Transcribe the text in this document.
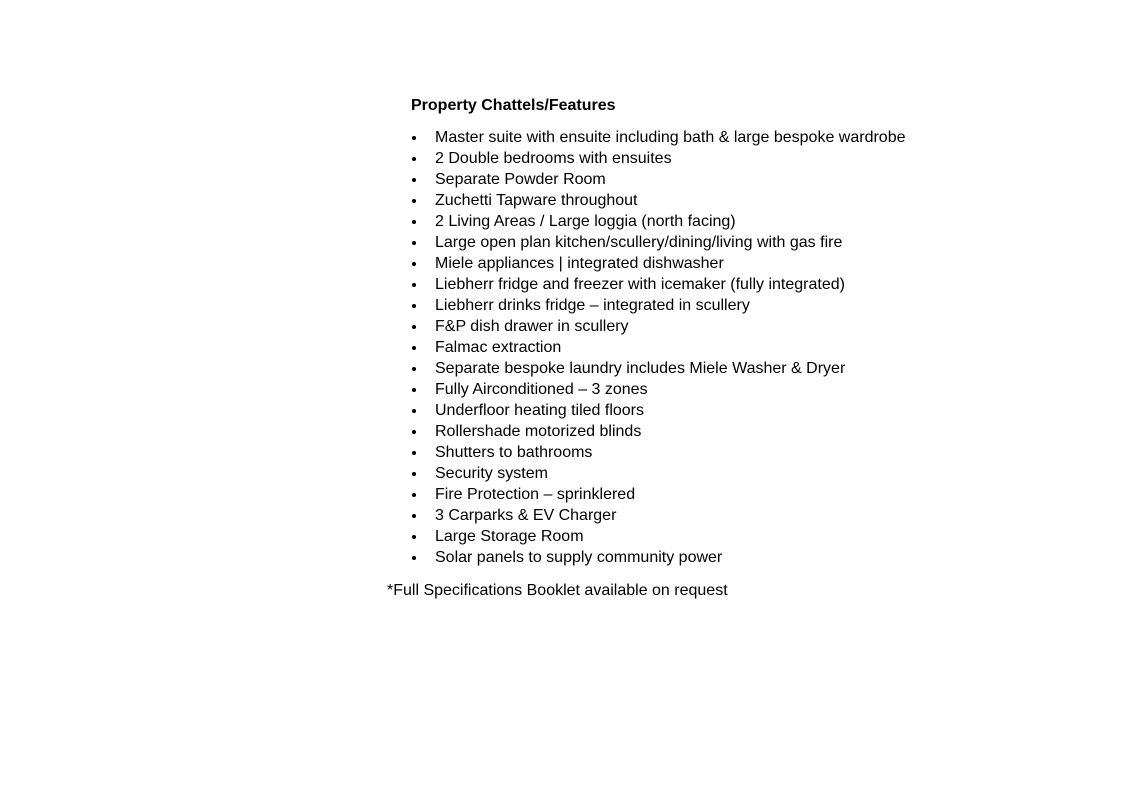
Property Chattels/Features
Master suite with ensuite including bath & large bespoke wardrobe
2 Double bedrooms with ensuites
Separate Powder Room
Zuchetti Tapware throughout
2 Living Areas / Large loggia (north facing)
Large open plan kitchen/scullery/dining/living with gas fire
Miele appliances | integrated dishwasher
Liebherr fridge and freezer with icemaker (fully integrated)
Liebherr drinks fridge – integrated in scullery
F&P dish drawer in scullery
Falmac extraction
Separate bespoke laundry includes Miele Washer & Dryer
Fully Airconditioned – 3 zones
Underfloor heating tiled floors
Rollershade motorized blinds
Shutters to bathrooms
Security system
Fire Protection – sprinklered
3 Carparks & EV Charger
Large Storage Room
Solar panels to supply community power
*Full Specifications Booklet available on request
